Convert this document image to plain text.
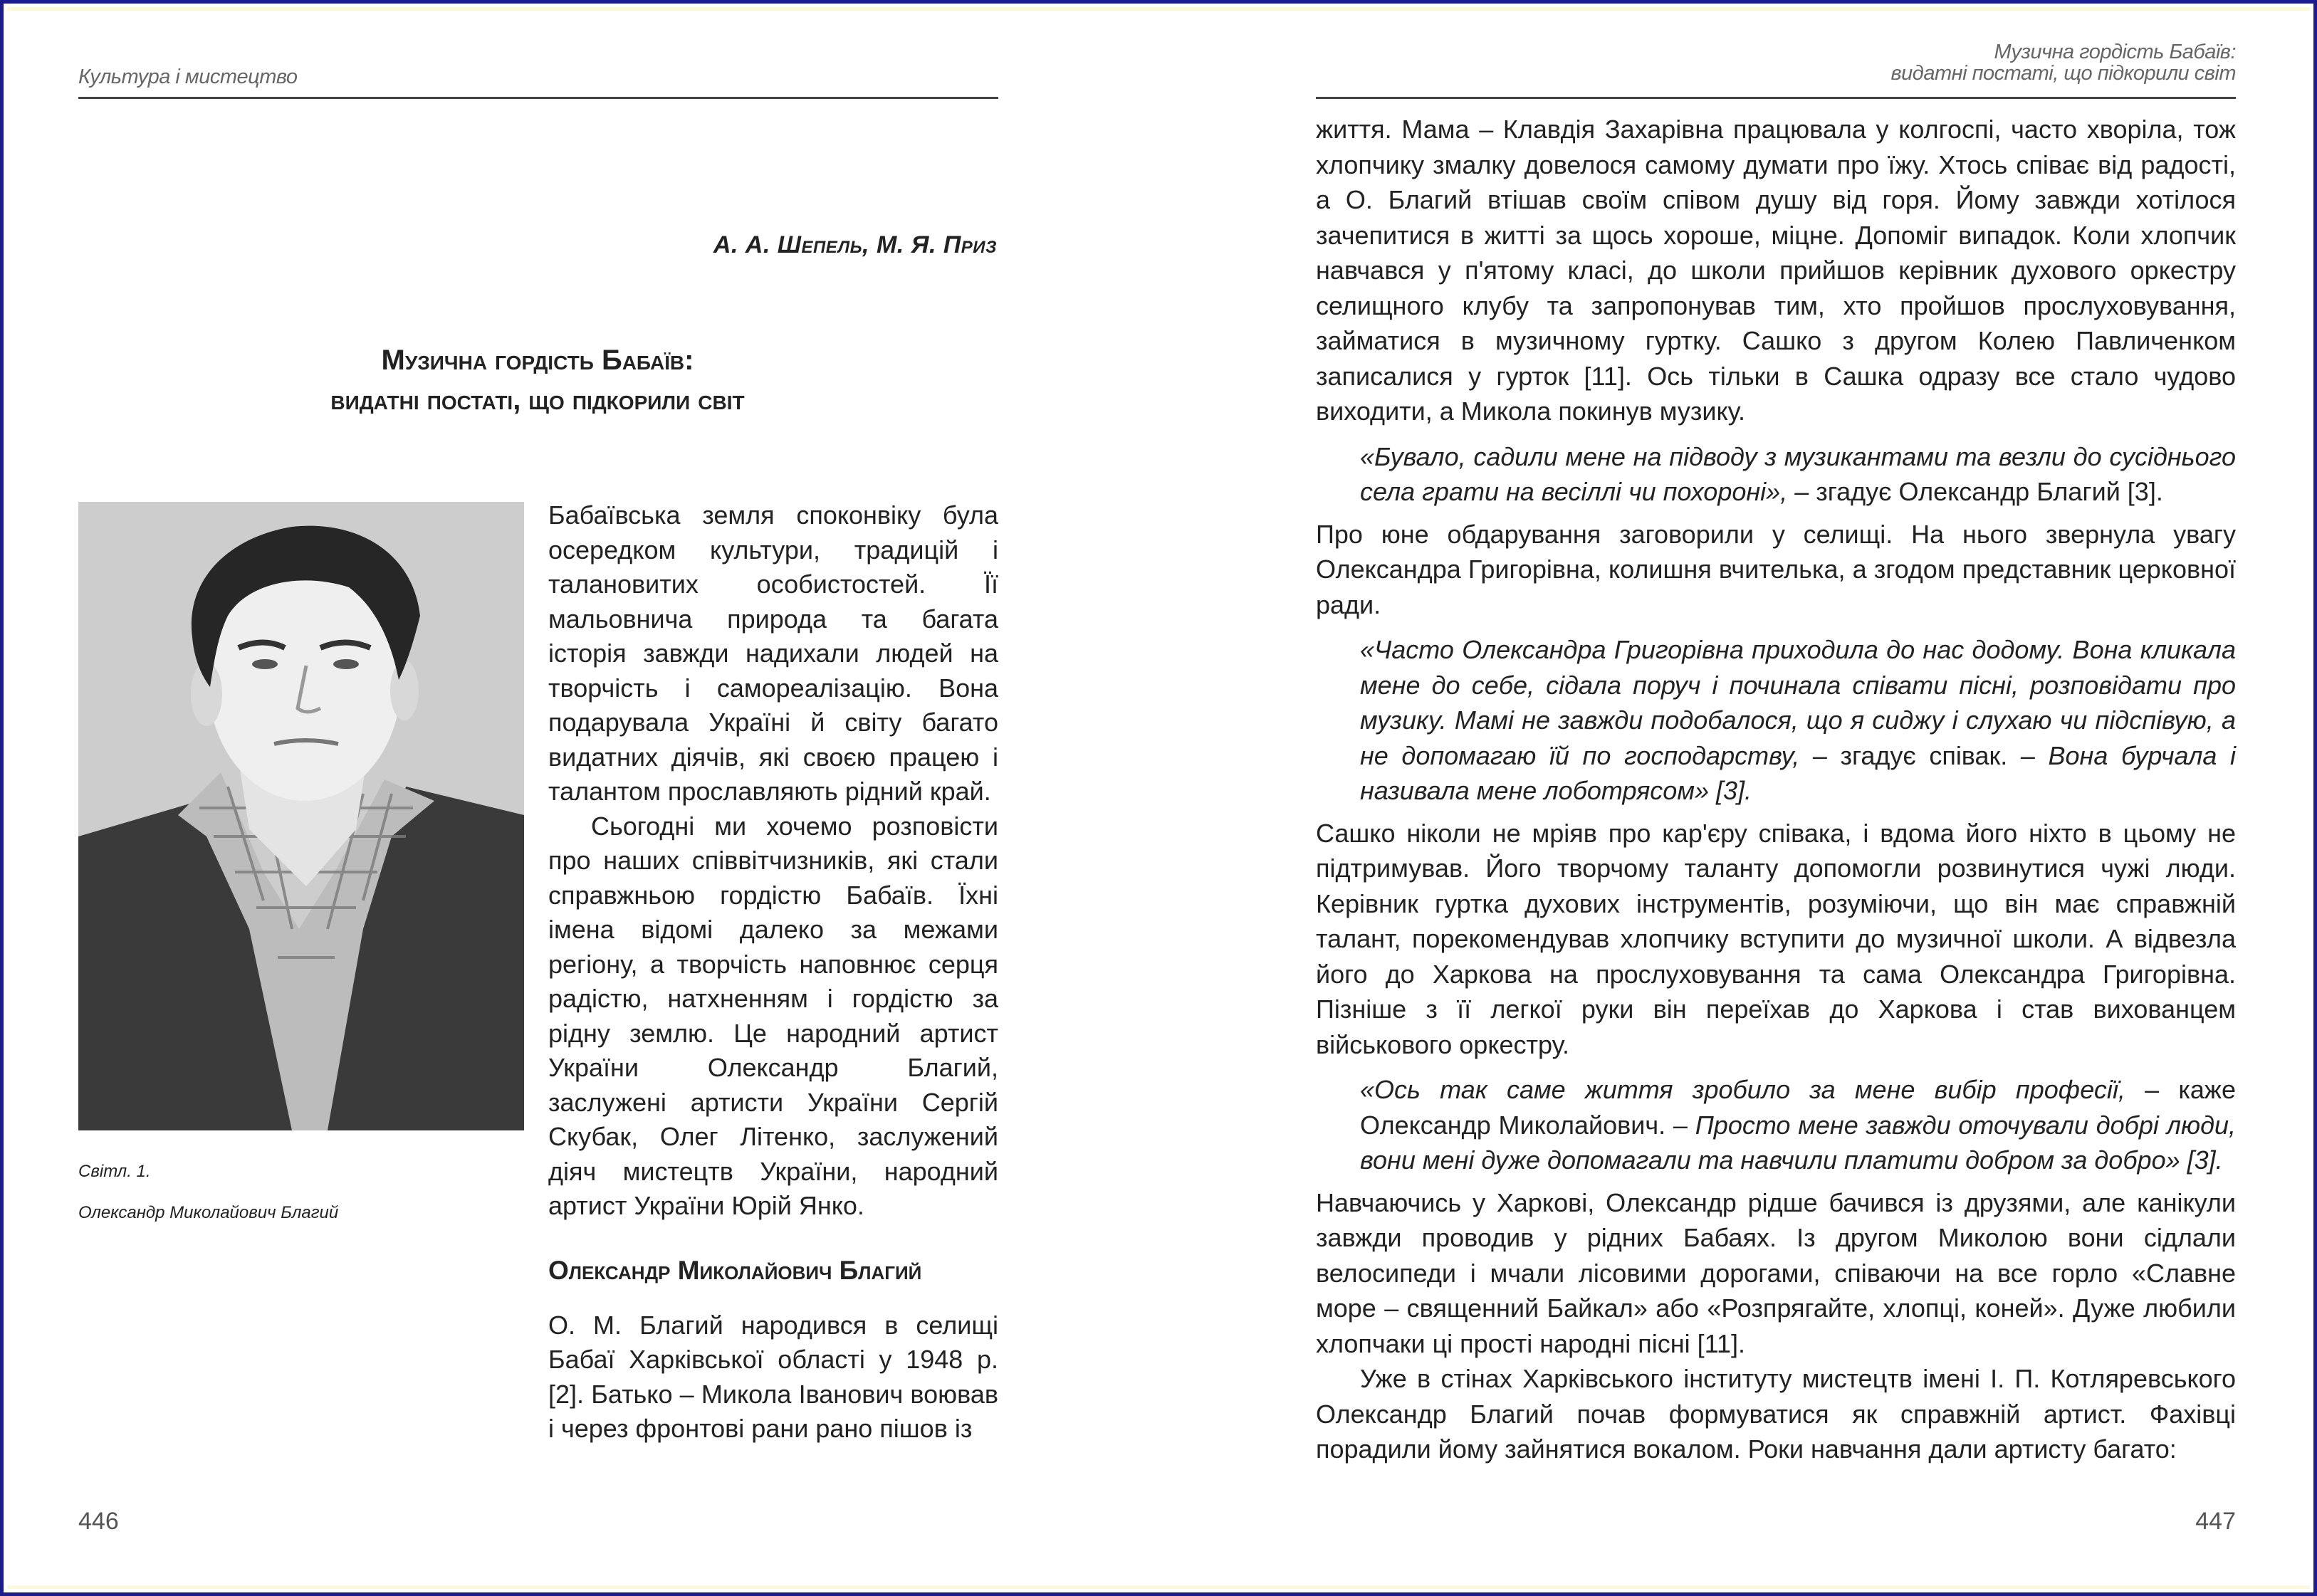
Культура і мистецтво
А. А. Шепель, М. Я. Приз
Музична гордість Бабаїв:
видатні постаті, що підкорили світ
Світл. 1.
Олександр Миколайович Благий

Бабаївська земля споконвіку була осередком культури, традицій і талановитих особистостей. Її мальовнича природа та багата історія завжди надихали людей на творчість і самореалізацію. Вона подарувала Україні й світу багато видатних діячів, які своєю працею і талантом прославляють рідний край.

Сьогодні ми хочемо розповісти про наших співвітчизників, які стали справжньою гордістю Бабаїв. Їхні імена відомі далеко за межами регіону, а творчість наповнює серця радістю, натхненням і гордістю за рідну землю. Це народний артист України Олександр Благий, заслужені артисти України Сергій Скубак, Олег Літенко, заслужений діяч мистецтв України, народний артист України Юрій Янко.

Олександр Миколайович Благий

О. М. Благий народився в селищі Бабаї Харківської області у 1948 р. [2]. Батько – Микола Іванович воював і через фронтові рани рано пішов із

446
Музична гордість Бабаїв:
видатні постаті, що підкорили світ

життя. Мама – Клавдія Захарівна працювала у колгоспі, часто хворіла, тож хлопчику змалку довелося самому думати про їжу. Хтось співає від радості, а О. Благий втішав своїм співом душу від горя. Йому завжди хотілося зачепитися в житті за щось хороше, міцне. Допоміг випадок. Коли хлопчик навчався у п'ятому класі, до школи прийшов керівник духового оркестру селищного клубу та запропонував тим, хто пройшов прослуховування, займатися в музичному гуртку. Сашко з другом Колею Павличенком записалися у гурток [11]. Ось тільки в Сашка одразу все стало чудово виходити, а Микола покинув музику.

«Бувало, садили мене на підводу з музикантами та везли до сусіднього села грати на весіллі чи похороні», – згадує Олександр Благий [3].

Про юне обдарування заговорили у селищі. На нього звернула увагу Олександра Григорівна, колишня вчителька, а згодом представник церковної ради.

«Часто Олександра Григорівна приходила до нас додому. Вона кликала мене до себе, сідала поруч і починала співати пісні, розповідати про музику. Мамі не завжди подобалося, що я сиджу і слухаю чи підспівую, а не допомагаю їй по господарству, – згадує співак. – Вона бурчала і називала мене лоботрясом» [3].

Сашко ніколи не мріяв про кар'єру співака, і вдома його ніхто в цьому не підтримував. Його творчому таланту допомогли розвинутися чужі люди. Керівник гуртка духових інструментів, розуміючи, що він має справжній талант, порекомендував хлопчику вступити до музичної школи. А відвезла його до Харкова на прослуховування та сама Олександра Григорівна. Пізніше з її легкої руки він переїхав до Харкова і став вихованцем військового оркестру.

«Ось так саме життя зробило за мене вибір професії, – каже Олександр Миколайович. – Просто мене завжди оточували добрі люди, вони мені дуже допомагали та навчили платити добром за добро» [3].

Навчаючись у Харкові, Олександр рідше бачився із друзями, але канікули завжди проводив у рідних Бабаях. Із другом Миколою вони сідлали велосипеди і мчали лісовими дорогами, співаючи на все горло «Славне море – священний Байкал» або «Розпрягайте, хлопці, коней». Дуже любили хлопчаки ці прості народні пісні [11].

Уже в стінах Харківського інституту мистецтв імені І. П. Котляревського Олександр Благий почав формуватися як справжній артист. Фахівці порадили йому зайнятися вокалом. Роки навчання дали артисту багато:

447
